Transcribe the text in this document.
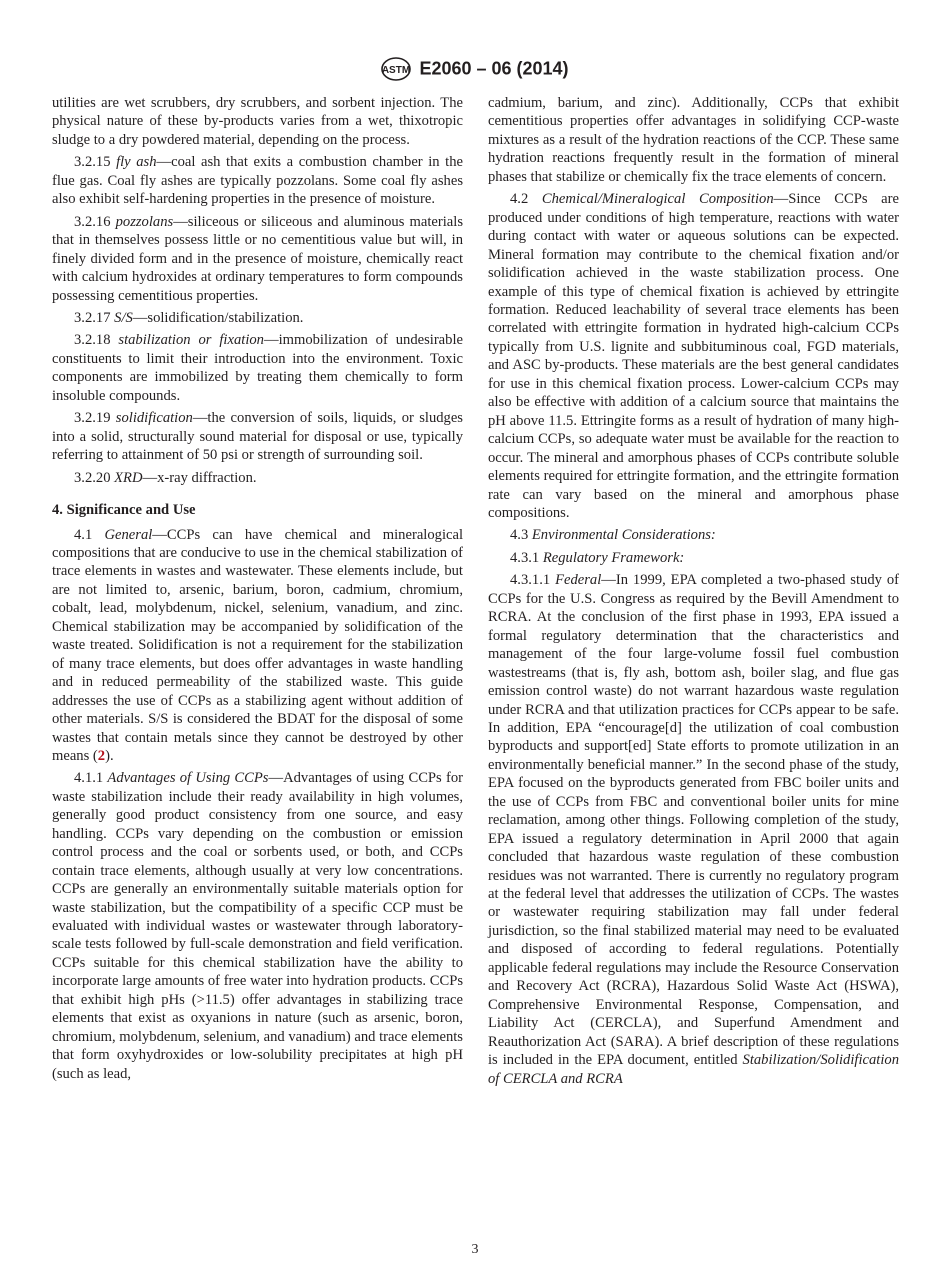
ASTM E2060 – 06 (2014)

utilities are wet scrubbers, dry scrubbers, and sorbent injection. The physical nature of these by-products varies from a wet, thixotropic sludge to a dry powdered material, depending on the process.

3.2.15 fly ash—coal ash that exits a combustion chamber in the flue gas. Coal fly ashes are typically pozzolans. Some coal fly ashes also exhibit self-hardening properties in the presence of moisture.

3.2.16 pozzolans—siliceous or siliceous and aluminous materials that in themselves possess little or no cementitious value but will, in finely divided form and in the presence of moisture, chemically react with calcium hydroxides at ordinary temperatures to form compounds possessing cementitious properties.

3.2.17 S/S—solidification/stabilization.

3.2.18 stabilization or fixation—immobilization of undesirable constituents to limit their introduction into the environment. Toxic components are immobilized by treating them chemically to form insoluble compounds.

3.2.19 solidification—the conversion of soils, liquids, or sludges into a solid, structurally sound material for disposal or use, typically referring to attainment of 50 psi or strength of surrounding soil.

3.2.20 XRD—x-ray diffraction.

4. Significance and Use

4.1 General—CCPs can have chemical and mineralogical compositions that are conducive to use in the chemical stabilization of trace elements in wastes and wastewater. These elements include, but are not limited to, arsenic, barium, boron, cadmium, chromium, cobalt, lead, molybdenum, nickel, selenium, vanadium, and zinc. Chemical stabilization may be accompanied by solidification of the waste treated. Solidification is not a requirement for the stabilization of many trace elements, but does offer advantages in waste handling and in reduced permeability of the stabilized waste. This guide addresses the use of CCPs as a stabilizing agent without addition of other materials. S/S is considered the BDAT for the disposal of some wastes that contain metals since they cannot be destroyed by other means (2).

4.1.1 Advantages of Using CCPs—Advantages of using CCPs for waste stabilization include their ready availability in high volumes, generally good product consistency from one source, and easy handling. CCPs vary depending on the combustion or emission control process and the coal or sorbents used, or both, and CCPs contain trace elements, although usually at very low concentrations. CCPs are generally an environmentally suitable materials option for waste stabilization, but the compatibility of a specific CCP must be evaluated with individual wastes or wastewater through laboratory-scale tests followed by full-scale demonstration and field verification. CCPs suitable for this chemical stabilization have the ability to incorporate large amounts of free water into hydration products. CCPs that exhibit high pHs (>11.5) offer advantages in stabilizing trace elements that exist as oxyanions in nature (such as arsenic, boron, chromium, molybdenum, selenium, and vanadium) and trace elements that form oxyhydroxides or low-solubility precipitates at high pH (such as lead,

cadmium, barium, and zinc). Additionally, CCPs that exhibit cementitious properties offer advantages in solidifying CCP-waste mixtures as a result of the hydration reactions of the CCP. These same hydration reactions frequently result in the formation of mineral phases that stabilize or chemically fix the trace elements of concern.

4.2 Chemical/Mineralogical Composition—Since CCPs are produced under conditions of high temperature, reactions with water during contact with water or aqueous solutions can be expected. Mineral formation may contribute to the chemical fixation and/or solidification achieved in the waste stabilization process. One example of this type of chemical fixation is achieved by ettringite formation. Reduced leachability of several trace elements has been correlated with ettringite formation in hydrated high-calcium CCPs typically from U.S. lignite and subbituminous coal, FGD materials, and ASC by-products. These materials are the best general candidates for use in this chemical fixation process. Lower-calcium CCPs may also be effective with addition of a calcium source that maintains the pH above 11.5. Ettringite forms as a result of hydration of many high-calcium CCPs, so adequate water must be available for the reaction to occur. The mineral and amorphous phases of CCPs contribute soluble elements required for ettringite formation, and the ettringite formation rate can vary based on the mineral and amorphous phase compositions.

4.3 Environmental Considerations:

4.3.1 Regulatory Framework:

4.3.1.1 Federal—In 1999, EPA completed a two-phased study of CCPs for the U.S. Congress as required by the Bevill Amendment to RCRA. At the conclusion of the first phase in 1993, EPA issued a formal regulatory determination that the characteristics and management of the four large-volume fossil fuel combustion wastestreams (that is, fly ash, bottom ash, boiler slag, and flue gas emission control waste) do not warrant hazardous waste regulation under RCRA and that utilization practices for CCPs appear to be safe. In addition, EPA “encourage[d] the utilization of coal combustion byproducts and support[ed] State efforts to promote utilization in an environmentally beneficial manner.” In the second phase of the study, EPA focused on the byproducts generated from FBC boiler units and the use of CCPs from FBC and conventional boiler units for mine reclamation, among other things. Following completion of the study, EPA issued a regulatory determination in April 2000 that again concluded that hazardous waste regulation of these combustion residues was not warranted. There is currently no regulatory program at the federal level that addresses the utilization of CCPs. The wastes or wastewater requiring stabilization may fall under federal jurisdiction, so the final stabilized material may need to be evaluated and disposed of according to federal regulations. Potentially applicable federal regulations may include the Resource Conservation and Recovery Act (RCRA), Hazardous Solid Waste Act (HSWA), Comprehensive Environmental Response, Compensation, and Liability Act (CERCLA), and Superfund Amendment and Reauthorization Act (SARA). A brief description of these regulations is included in the EPA document, entitled Stabilization/Solidification of CERCLA and RCRA

3
